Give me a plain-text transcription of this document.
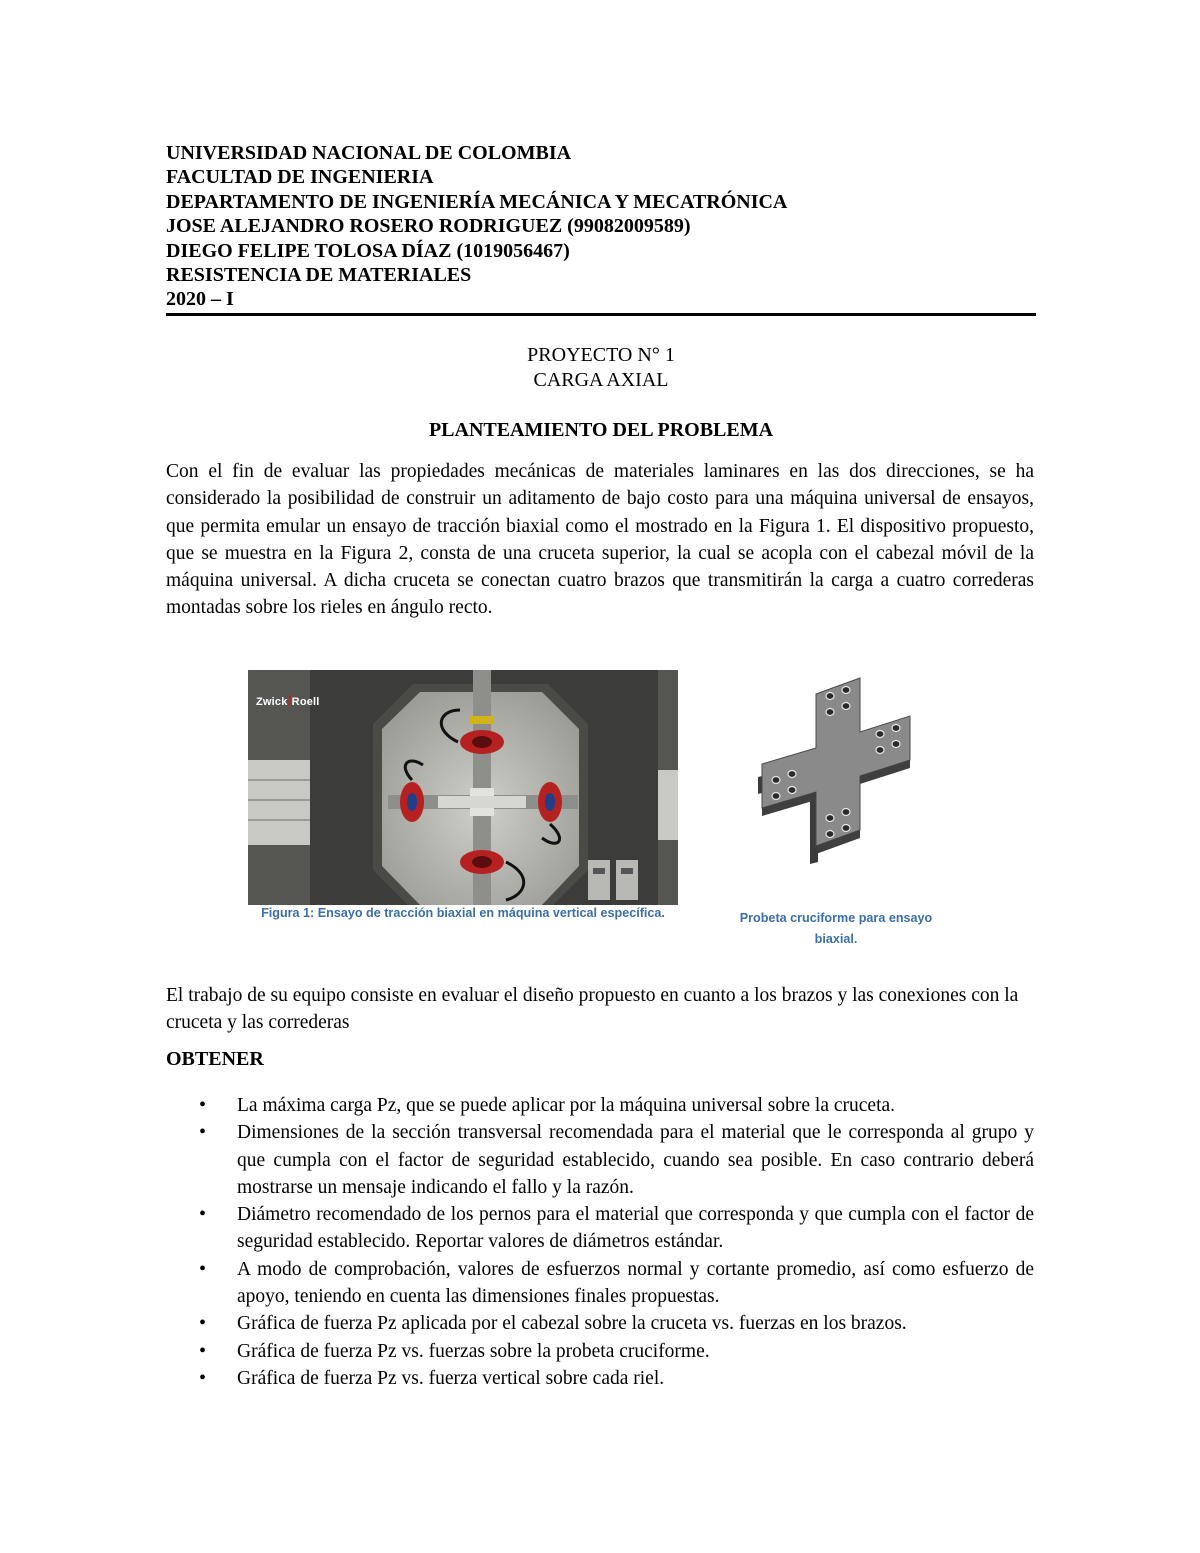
UNIVERSIDAD NACIONAL DE COLOMBIA
FACULTAD DE INGENIERIA
DEPARTAMENTO DE INGENIERÍA MECÁNICA Y MECATRÓNICA
JOSE ALEJANDRO ROSERO RODRIGUEZ (99082009589)
DIEGO FELIPE TOLOSA DÍAZ (1019056467)
RESISTENCIA DE MATERIALES
2020 – I
PROYECTO N° 1
CARGA AXIAL
PLANTEAMIENTO DEL PROBLEMA
Con el fin de evaluar las propiedades mecánicas de materiales laminares en las dos direcciones, se ha considerado la posibilidad de construir un aditamento de bajo costo para una máquina universal de ensayos, que permita emular un ensayo de tracción biaxial como el mostrado en la Figura 1. El dispositivo propuesto, que se muestra en la Figura 2, consta de una cruceta superior, la cual se acopla con el cabezal móvil de la máquina universal. A dicha cruceta se conectan cuatro brazos que transmitirán la carga a cuatro correderas montadas sobre los rieles en ángulo recto.
Zwick/Roell
Figura 1: Ensayo de tracción biaxial en máquina vertical específica.	Probeta cruciforme para ensayo biaxial.
El trabajo de su equipo consiste en evaluar el diseño propuesto en cuanto a los brazos y las conexiones con la cruceta y las correderas
OBTENER
• La máxima carga Pz, que se puede aplicar por la máquina universal sobre la cruceta.
• Dimensiones de la sección transversal recomendada para el material que le corresponda al grupo y que cumpla con el factor de seguridad establecido, cuando sea posible. En caso contrario deberá mostrarse un mensaje indicando el fallo y la razón.
• Diámetro recomendado de los pernos para el material que corresponda y que cumpla con el factor de seguridad establecido. Reportar valores de diámetros estándar.
• A modo de comprobación, valores de esfuerzos normal y cortante promedio, así como esfuerzo de apoyo, teniendo en cuenta las dimensiones finales propuestas.
• Gráfica de fuerza Pz aplicada por el cabezal sobre la cruceta vs. fuerzas en los brazos.
• Gráfica de fuerza Pz vs. fuerzas sobre la probeta cruciforme.
• Gráfica de fuerza Pz vs. fuerza vertical sobre cada riel.
